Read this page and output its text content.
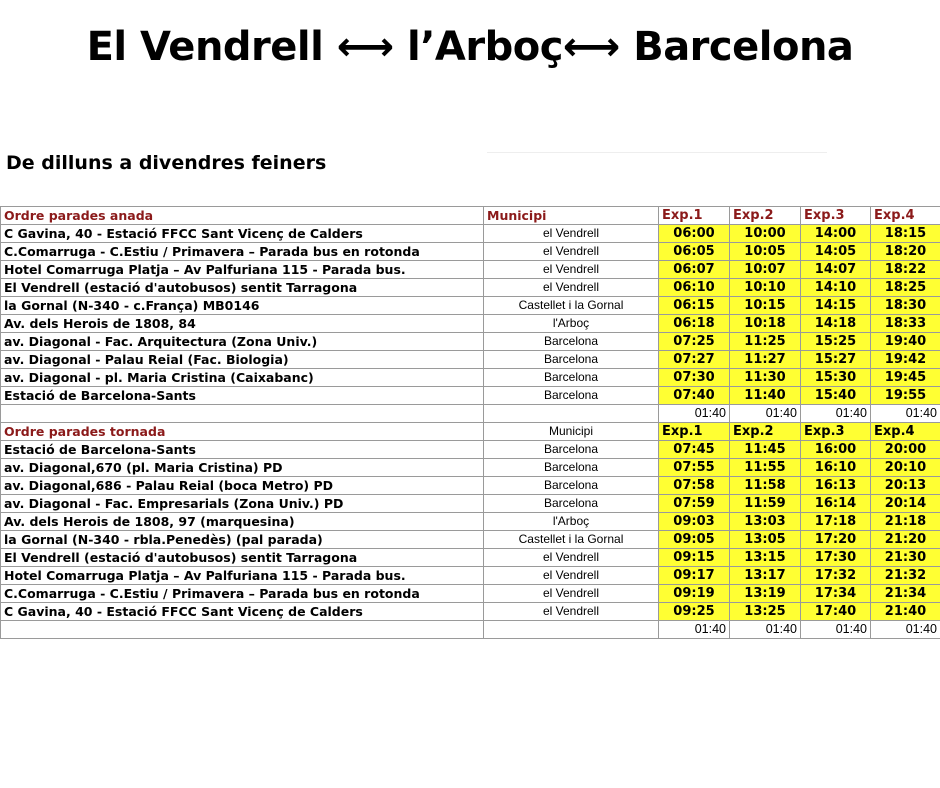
El Vendrell ⟷ l’Arboç⟷ Barcelona
De dilluns a divendres feiners
Ordre parades anada	Municipi	Exp.1	Exp.2	Exp.3	Exp.4
C Gavina, 40 - Estació FFCC Sant Vicenç de Calders	el Vendrell	06:00	10:00	14:00	18:15
C.Comarruga - C.Estiu / Primavera – Parada bus en rotonda	el Vendrell	06:05	10:05	14:05	18:20
Hotel Comarruga Platja – Av Palfuriana 115 - Parada bus.	el Vendrell	06:07	10:07	14:07	18:22
El Vendrell (estació d'autobusos) sentit Tarragona	el Vendrell	06:10	10:10	14:10	18:25
la Gornal (N-340 - c.França) MB0146	Castellet i la Gornal	06:15	10:15	14:15	18:30
Av. dels Herois de 1808, 84	l'Arboç	06:18	10:18	14:18	18:33
av. Diagonal - Fac. Arquitectura (Zona Univ.)	Barcelona	07:25	11:25	15:25	19:40
av. Diagonal - Palau Reial (Fac. Biologia)	Barcelona	07:27	11:27	15:27	19:42
av. Diagonal - pl. Maria Cristina (Caixabanc)	Barcelona	07:30	11:30	15:30	19:45
Estació de Barcelona-Sants	Barcelona	07:40	11:40	15:40	19:55
		01:40	01:40	01:40	01:40
Ordre parades tornada	Municipi	Exp.1	Exp.2	Exp.3	Exp.4
Estació de Barcelona-Sants	Barcelona	07:45	11:45	16:00	20:00
av. Diagonal,670 (pl. Maria Cristina) PD	Barcelona	07:55	11:55	16:10	20:10
av. Diagonal,686 - Palau Reial (boca Metro) PD	Barcelona	07:58	11:58	16:13	20:13
av. Diagonal - Fac. Empresarials (Zona Univ.) PD	Barcelona	07:59	11:59	16:14	20:14
Av. dels Herois de 1808, 97 (marquesina)	l'Arboç	09:03	13:03	17:18	21:18
la Gornal (N-340 - rbla.Penedès) (pal parada)	Castellet i la Gornal	09:05	13:05	17:20	21:20
El Vendrell (estació d'autobusos) sentit Tarragona	el Vendrell	09:15	13:15	17:30	21:30
Hotel Comarruga Platja – Av Palfuriana 115 - Parada bus.	el Vendrell	09:17	13:17	17:32	21:32
C.Comarruga - C.Estiu / Primavera – Parada bus en rotonda	el Vendrell	09:19	13:19	17:34	21:34
C Gavina, 40 - Estació FFCC Sant Vicenç de Calders	el Vendrell	09:25	13:25	17:40	21:40
		01:40	01:40	01:40	01:40
